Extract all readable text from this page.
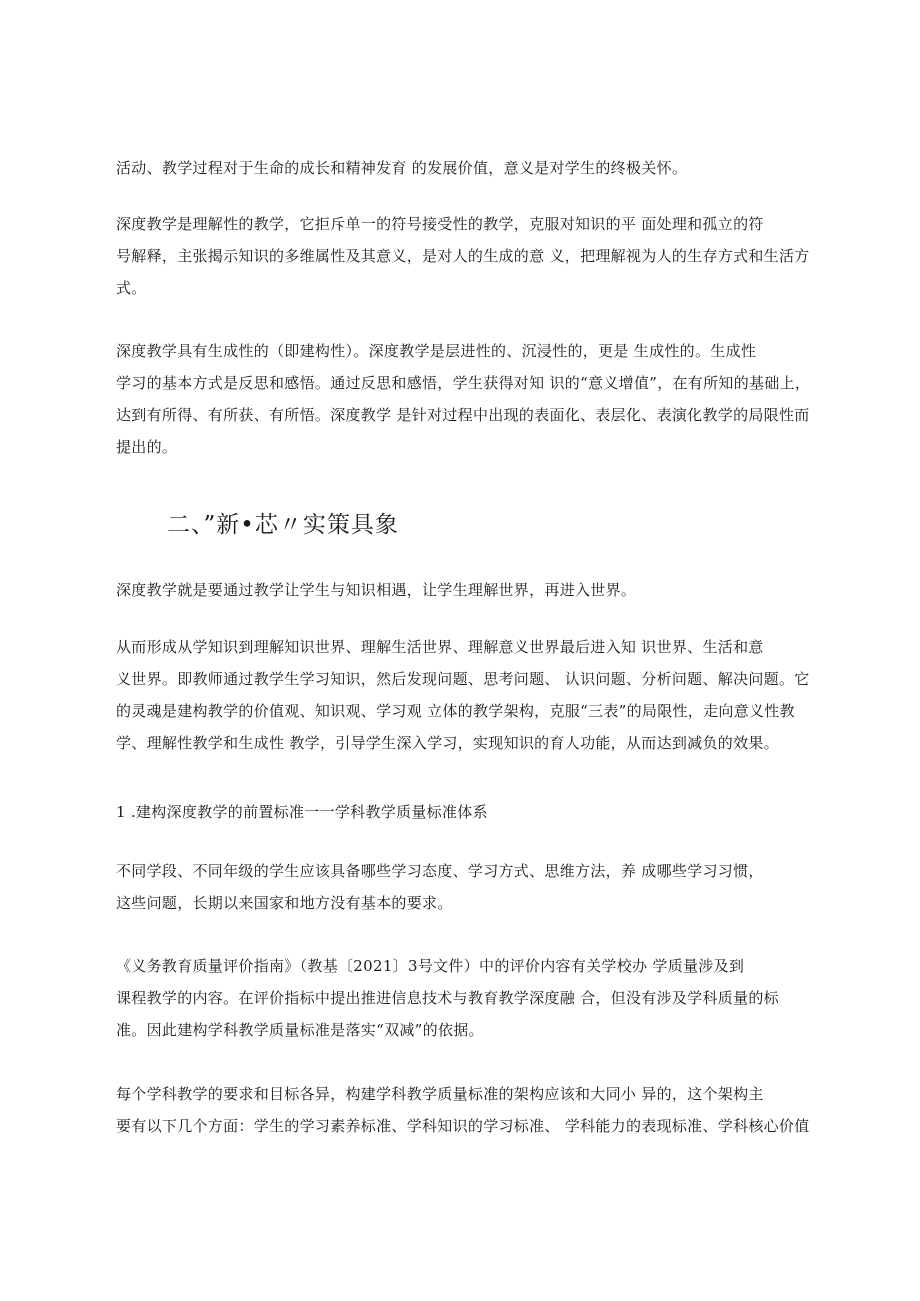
活动、教学过程对于生命的成长和精神发育 的发展价值，意义是对学生的终极关怀。
深度教学是理解性的教学，它拒斥单一的符号接受性的教学，克服对知识的平 面处理和孤立的符
号解释，主张揭示知识的多维属性及其意义，是对人的生成的意 义，把理解视为人的生存方式和生活方
式。
深度教学具有生成性的（即建构性）。深度教学是层进性的、沉浸性的，更是 生成性的。生成性
学习的基本方式是反思和感悟。通过反思和感悟，学生获得对知 识的“意义增值”，在有所知的基础上，
达到有所得、有所获、有所悟。深度教学 是针对过程中出现的表面化、表层化、表演化教学的局限性而
提出的。
二、”新•芯〃实策具象
深度教学就是要通过教学让学生与知识相遇，让学生理解世界，再进入世界。
从而形成从学知识到理解知识世界、理解生活世界、理解意义世界最后进入知 识世界、生活和意
义世界。即教师通过教学生学习知识，然后发现问题、思考问题、 认识问题、分析问题、解决问题。它
的灵魂是建构教学的价值观、知识观、学习观 立体的教学架构，克服“三表”的局限性，走向意义性教
学、理解性教学和生成性 教学，引导学生深入学习，实现知识的育人功能，从而达到减负的效果。
1 .建构深度教学的前置标准一一学科教学质量标准体系
不同学段、不同年级的学生应该具备哪些学习态度、学习方式、思维方法，养 成哪些学习习惯，
这些问题，长期以来国家和地方没有基本的要求。
《义务教育质量评价指南》（教基〔2021〕3号文件）中的评价内容有关学校办 学质量涉及到
课程教学的内容。在评价指标中提出推进信息技术与教育教学深度融 合，但没有涉及学科质量的标
准。因此建构学科教学质量标准是落实“双减”的依据。
每个学科教学的要求和目标各异，构建学科教学质量标准的架构应该和大同小 异的，这个架构主
要有以下几个方面：学生的学习素养标准、学科知识的学习标准、 学科能力的表现标准、学科核心价值
